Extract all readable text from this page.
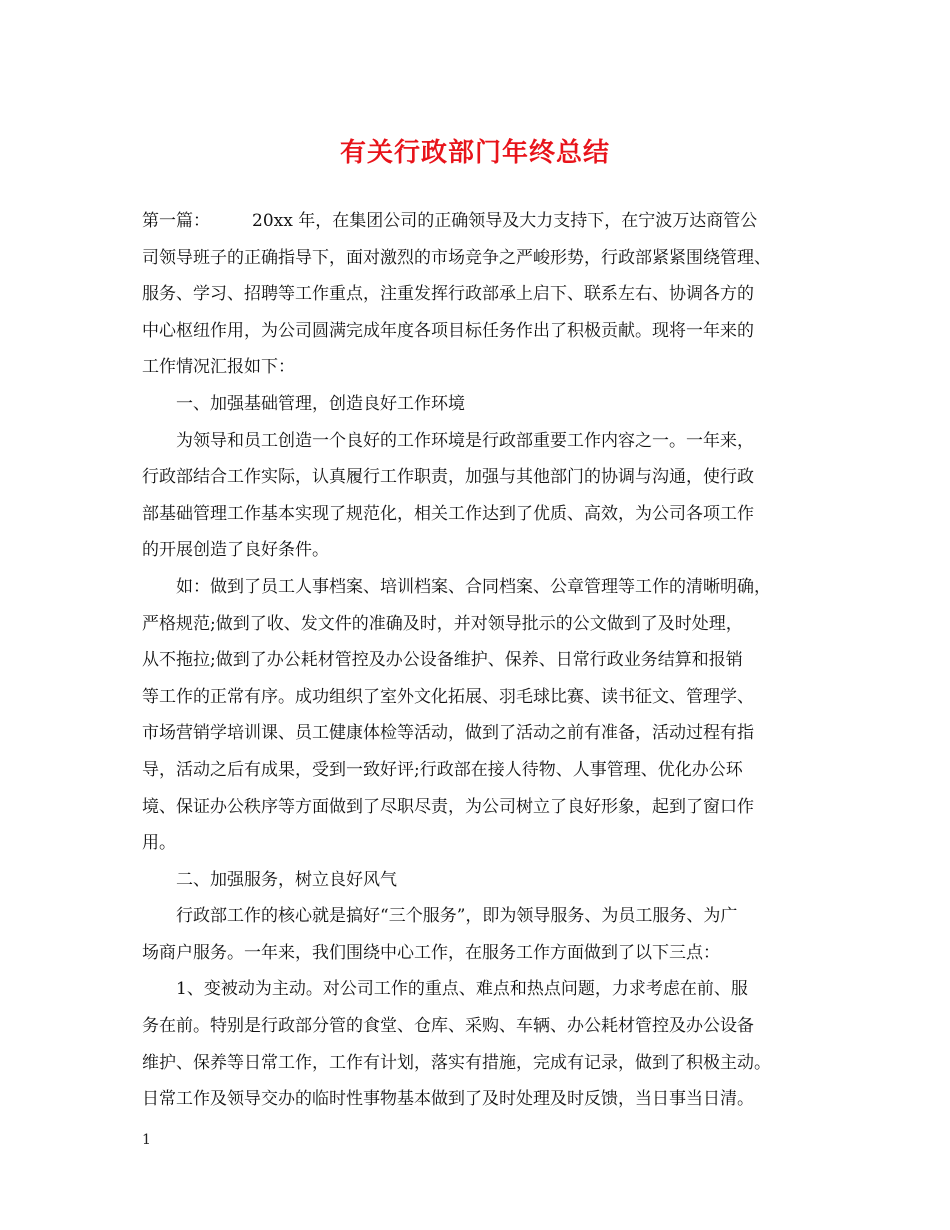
有关行政部门年终总结
第一篇： 20xx 年，在集团公司的正确领导及大力支持下，在宁波万达商管公
司领导班子的正确指导下，面对激烈的市场竞争之严峻形势，行政部紧紧围绕管理、
服务、学习、招聘等工作重点，注重发挥行政部承上启下、联系左右、协调各方的
中心枢纽作用，为公司圆满完成年度各项目标任务作出了积极贡献。现将一年来的
工作情况汇报如下：
一、加强基础管理，创造良好工作环境
为领导和员工创造一个良好的工作环境是行政部重要工作内容之一。一年来，
行政部结合工作实际，认真履行工作职责，加强与其他部门的协调与沟通，使行政
部基础管理工作基本实现了规范化，相关工作达到了优质、高效，为公司各项工作
的开展创造了良好条件。
如：做到了员工人事档案、培训档案、合同档案、公章管理等工作的清晰明确，
严格规范;做到了收、发文件的准确及时，并对领导批示的公文做到了及时处理，
从不拖拉;做到了办公耗材管控及办公设备维护、保养、日常行政业务结算和报销
等工作的正常有序。成功组织了室外文化拓展、羽毛球比赛、读书征文、管理学、
市场营销学培训课、员工健康体检等活动，做到了活动之前有准备，活动过程有指
导，活动之后有成果，受到一致好评;行政部在接人待物、人事管理、优化办公环
境、保证办公秩序等方面做到了尽职尽责，为公司树立了良好形象，起到了窗口作
用。
二、加强服务，树立良好风气
行政部工作的核心就是搞好“三个服务”，即为领导服务、为员工服务、为广
场商户服务。一年来，我们围绕中心工作，在服务工作方面做到了以下三点：
1、变被动为主动。对公司工作的重点、难点和热点问题，力求考虑在前、服
务在前。特别是行政部分管的食堂、仓库、采购、车辆、办公耗材管控及办公设备
维护、保养等日常工作，工作有计划，落实有措施，完成有记录，做到了积极主动。
日常工作及领导交办的临时性事物基本做到了及时处理及时反馈，当日事当日清。
1
